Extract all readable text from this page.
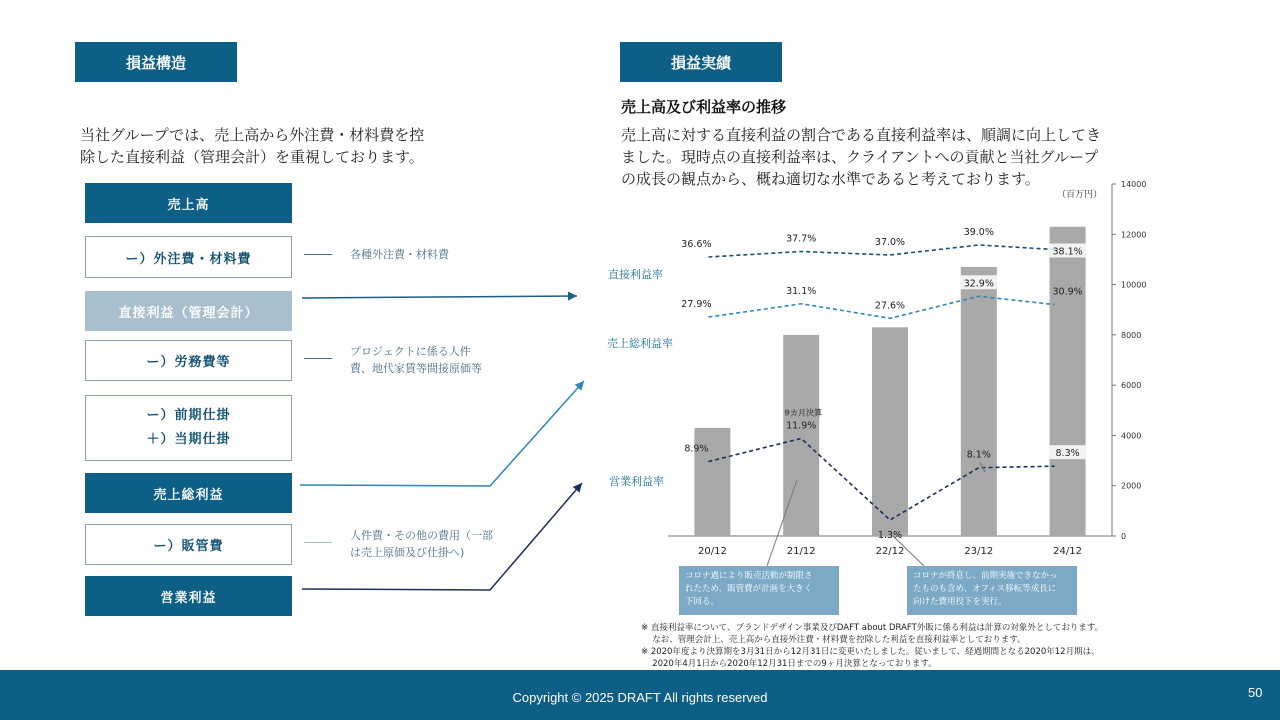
損益構造
当社グループでは、売上高から外注費・材料費を控
除した直接利益（管理会計）を重視しております。
売上高
ー）外注費・材料費
直接利益（管理会計）
ー）労務費等
ー）前期仕掛
＋）当期仕掛
売上総利益
ー）販管費
営業利益
各種外注費・材料費
プロジェクトに係る人件
費、地代家賃等間接原価等
人件費・その他の費用（一部
は売上原価及び仕掛へ)
損益実績
売上高及び利益率の推移
売上高に対する直接利益の割合である直接利益率は、順調に向上してき
ました。現時点の直接利益率は、クライアントへの貢献と当社グループ
の成長の観点から、概ね適切な水準であると考えております。
直接利益率
売上総利益率
営業利益率
0
2000
4000
6000
8000
10000
12000
14000
（百万円）
20/12	21/12	22/12	23/12	24/12
9カ月決算
36.6%	37.7%	37.0%
39.0%
38.1%
27.9%
31.1%
27.6%
32.9%
30.9%
8.9%
11.9%
1.3%
8.1%	8.3%
コロナ過により販売活動が制限さ
れたため、販管費が計画を大きく
下回る。
コロナが終息し、前期実施できなかっ
たものも含め、オフィス移転等成長に
向けた費用投下を実行。
※ 直接利益率について、ブランドデザイン事業及びDAFT about DRAFT外販に係る利益は計算の対象外としております。
　 なお、管理会計上、売上高から直接外注費・材料費を控除した利益を直接利益率としております。
※ 2020年度より決算期を3月31日から12月31日に変更いたしました。従いまして、経過期間となる2020年12月期は、
　 2020年4月1日から2020年12月31日までの9ヶ月決算となっております。
Copyright © 2025 DRAFT All rights reserved	50
